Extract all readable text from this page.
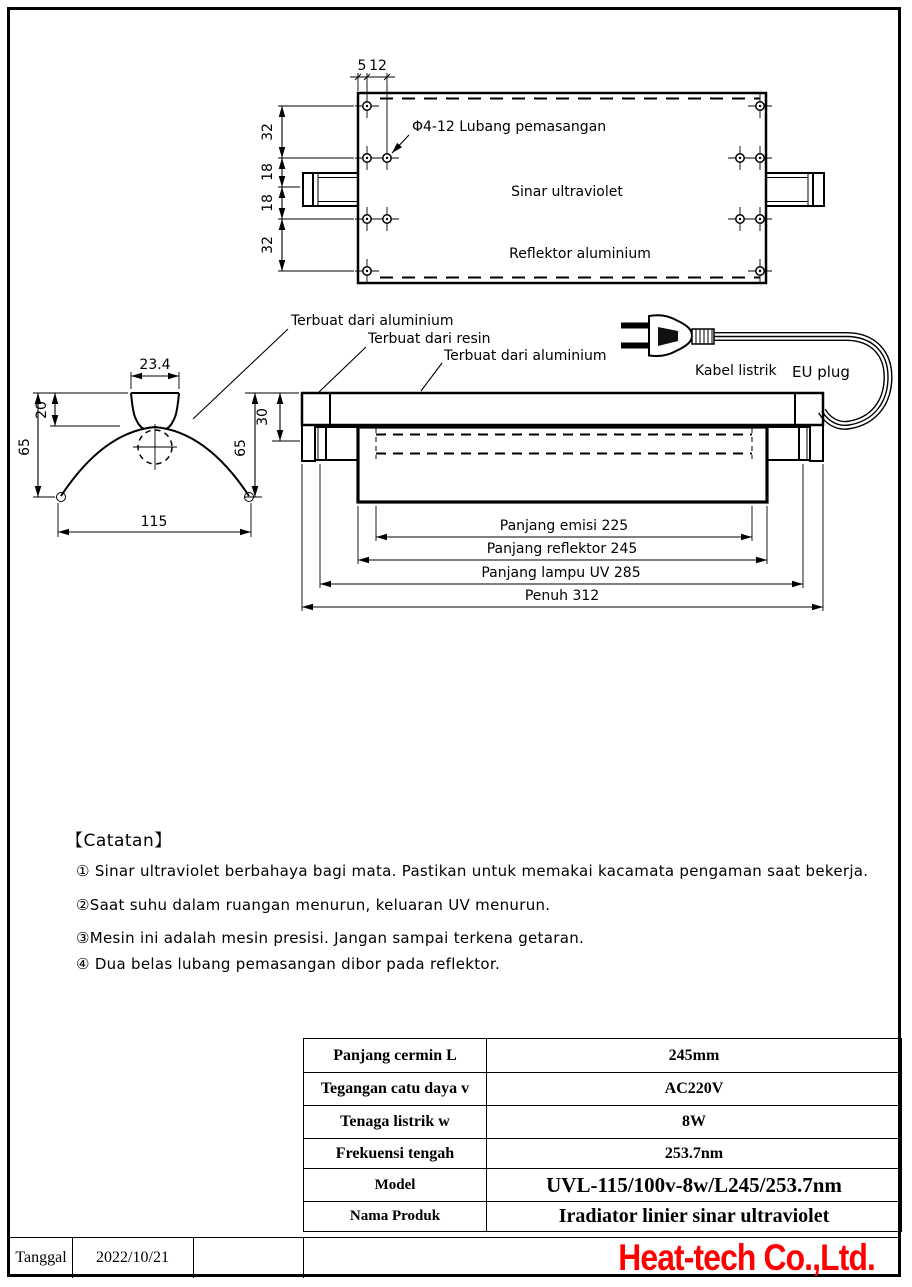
5 12
32
18
18
32
Φ4-12 Lubang pemasangan
Sinar ultraviolet
Reflektor aluminium
Terbuat dari aluminium
Terbuat dari resin
Terbuat dari aluminium
Kabel listrik EU plug
23.4
20
65
115
65
30
Panjang emisi 225
Panjang reflektor 245
Panjang lampu UV 285
Penuh 312
【Catatan】
① Sinar ultraviolet berbahaya bagi mata. Pastikan untuk memakai kacamata pengaman saat bekerja.
②Saat suhu dalam ruangan menurun, keluaran UV menurun.
③Mesin ini adalah mesin presisi. Jangan sampai terkena getaran.
④ Dua belas lubang pemasangan dibor pada reflektor.
Panjang cermin L	245mm
Tegangan catu daya v	AC220V
Tenaga listrik w	8W
Frekuensi tengah	253.7nm
Model	UVL-115/100v-8w/L245/253.7nm
Nama Produk	Iradiator linier sinar ultraviolet
Tanggal	2022/10/21	Heat-tech Co.,Ltd.
